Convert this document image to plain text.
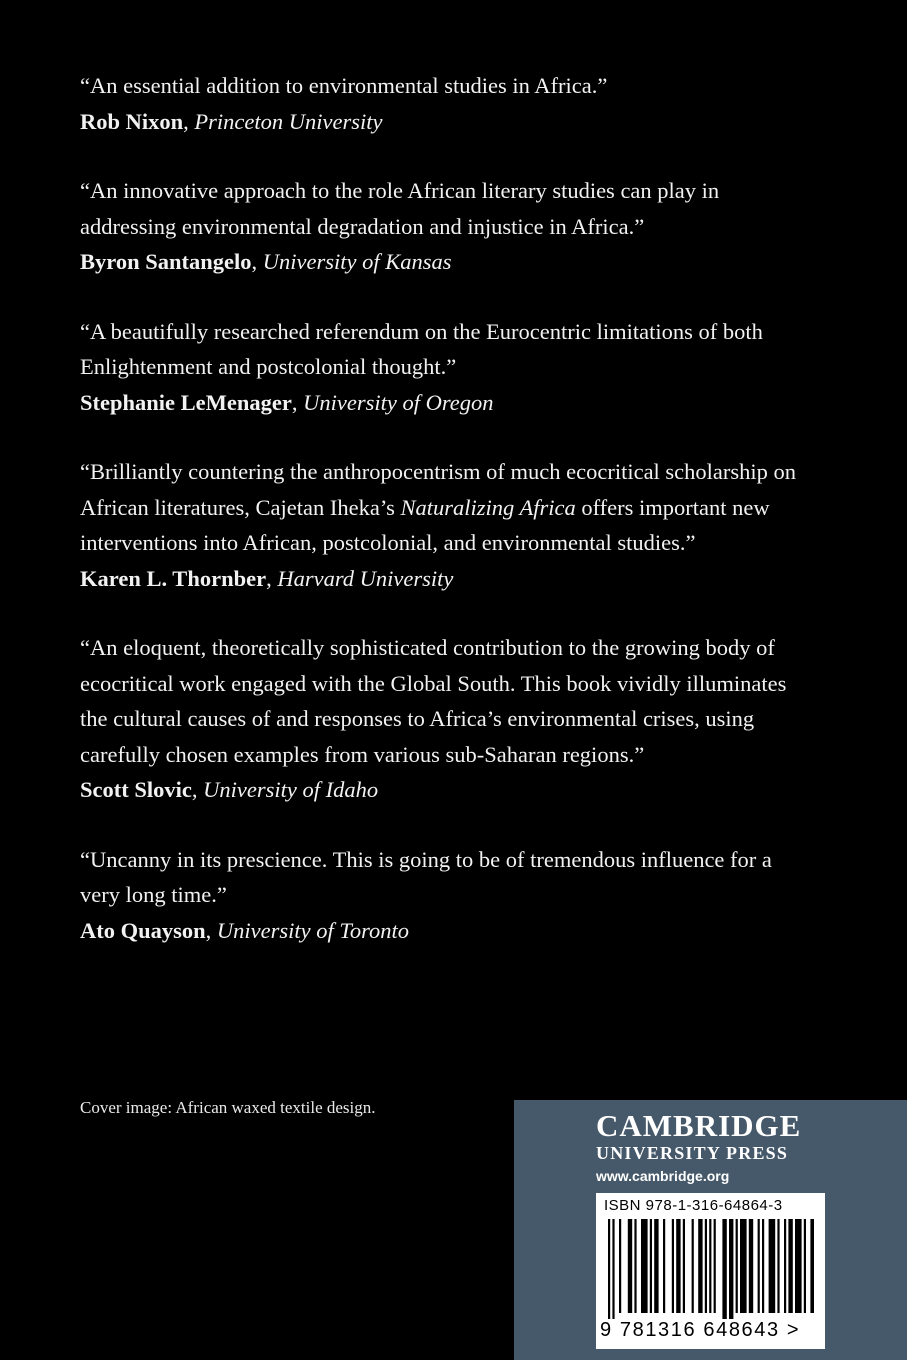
“An essential addition to environmental studies in Africa.”

Rob Nixon, Princeton University

“An innovative approach to the role African literary studies can play in addressing environmental degradation and injustice in Africa.”

Byron Santangelo, University of Kansas

“A beautifully researched referendum on the Eurocentric limitations of both Enlightenment and postcolonial thought.”

Stephanie LeMenager, University of Oregon

“Brilliantly countering the anthropocentrism of much ecocritical scholarship on African literatures, Cajetan Iheka’s Naturalizing Africa offers important new interventions into African, postcolonial, and environmental studies.”

Karen L. Thornber, Harvard University

“An eloquent, theoretically sophisticated contribution to the growing body of ecocritical work engaged with the Global South. This book vividly illuminates the cultural causes of and responses to Africa’s environmental crises, using carefully chosen examples from various sub-Saharan regions.”

Scott Slovic, University of Idaho

“Uncanny in its prescience. This is going to be of tremendous influence for a very long time.”

Ato Quayson, University of Toronto

Cover image: African waxed textile design.
CAMBRIDGE
UNIVERSITY PRESS
www.cambridge.org
ISBN 978-1-316-64864-3
9 781316 648643 >
